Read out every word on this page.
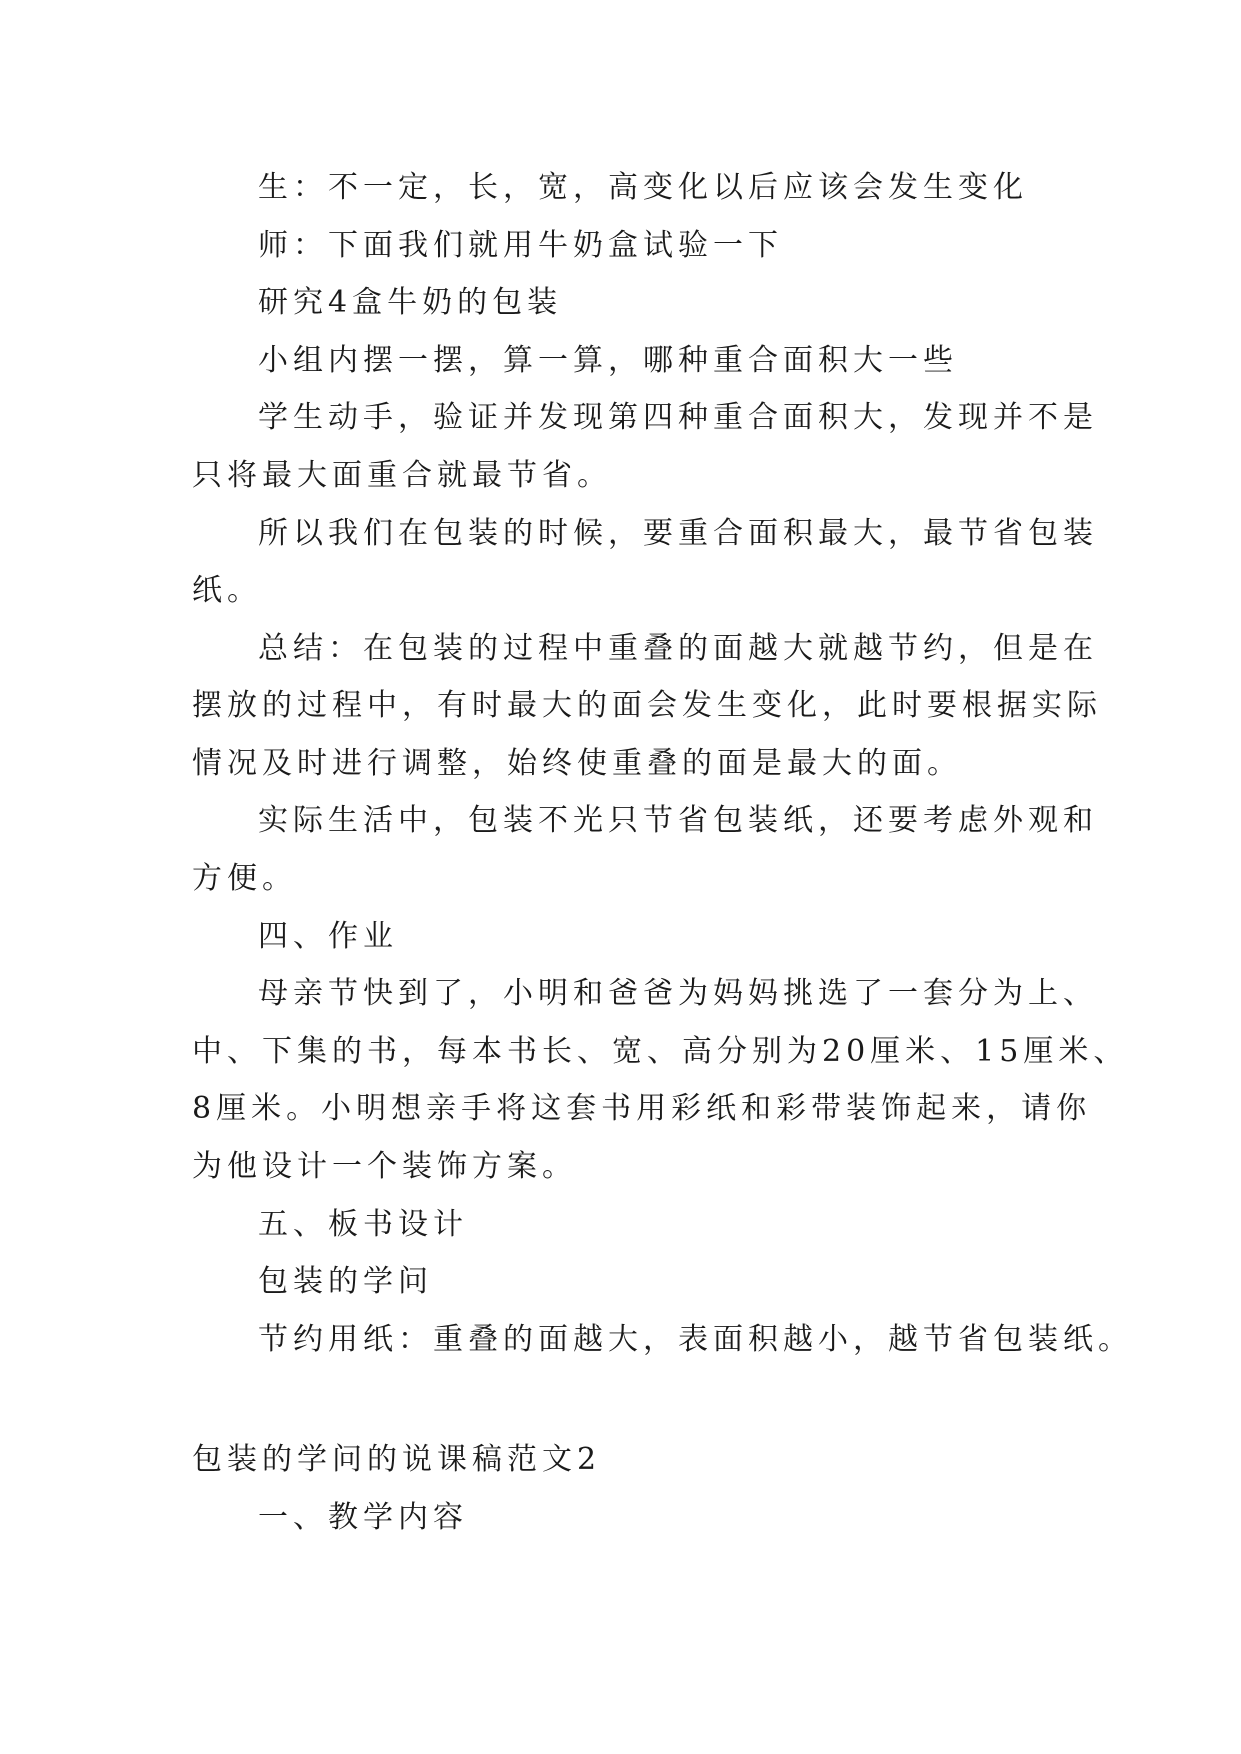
生：不一定，长，宽，高变化以后应该会发生变化
师：下面我们就用牛奶盒试验一下
研究4盒牛奶的包装
小组内摆一摆，算一算，哪种重合面积大一些
学生动手，验证并发现第四种重合面积大，发现并不是
只将最大面重合就最节省。
所以我们在包装的时候，要重合面积最大，最节省包装
纸。
总结：在包装的过程中重叠的面越大就越节约，但是在
摆放的过程中，有时最大的面会发生变化，此时要根据实际
情况及时进行调整，始终使重叠的面是最大的面。
实际生活中，包装不光只节省包装纸，还要考虑外观和
方便。
四、作业
母亲节快到了，小明和爸爸为妈妈挑选了一套分为上、
中、下集的书，每本书长、宽、高分别为20厘米、15厘米、
8厘米。小明想亲手将这套书用彩纸和彩带装饰起来，请你
为他设计一个装饰方案。
五、板书设计
包装的学问
节约用纸：重叠的面越大，表面积越小，越节省包装纸。
包装的学问的说课稿范文2
一、教学内容
